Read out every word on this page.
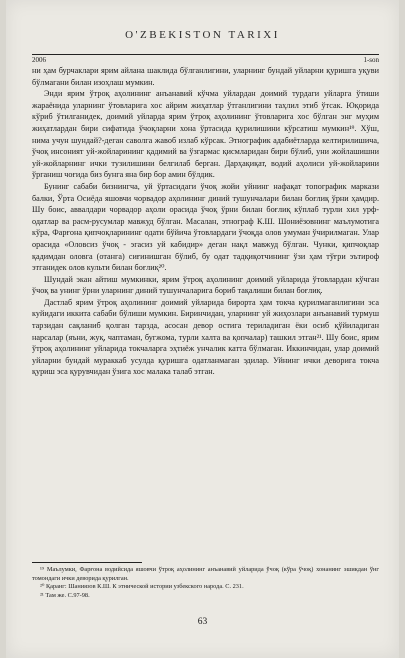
O'ZBEKISTON TARIXI
2006	1-son

ни ҳам бурчаклари ярим айлана шаклида бўлганлигини, уларнинг бундай уйларни қуришга уқуви бўлмагани билан изоҳлаш мумкин.

Энди ярим ўтроқ аҳолининг анъанавий кўчма уйлардан доимий турдаги уйларга ўтиши жараёнида уларнинг ўтовларига хос айрим жиҳатлар ўтганлигини таҳлил этиб ўтсак. Юқорида кўриб ўтилганидек, доимий уйларда ярим ўтроқ аҳолининг ўтовларига хос бўлган энг муҳим жиҳатлардан бири сифатида ўчоқларни хона ўртасида қурилишини кўрсатиш мумкин¹⁹. Хўш, нима учун шундай?-деган саволга жавоб излаб кўрсак. Этнографик адабиётларда келтирилишича, ўчоқ инсоният уй-жойларининг қадимий ва ўзгармас қисмларидан бири бўлиб, уни жойлашишни уй-жойларнинг ички тузилишини белгилаб берган. Дарҳақиқат, водий аҳолиси уй-жойларини ўрганиш чоғида биз бунга яна бир бор амин бўлдик.

Бунинг сабаби бизнингча, уй ўртасидаги ўчоқ жойи уйнинг нафақат топографик маркази балки, Ўрта Осиёда яшовчи чорвадор аҳолининг диний тушунчалари билан боғлиқ ўрни ҳамдир. Шу боис, аввалдари чорвадор аҳоли орасида ўчоқ ўрни билан боғлиқ кўплаб турли хил урф-одатлар ва расм-русумлар мавжуд бўлган. Масалан, этнограф К.Ш. Шониёзовнинг маълумотига кўра, Фарғона қипчоқларининг одати бўйича ўтовлардаги ўчоқда олов умуман ўчирилмаган. Улар орасида «Оловсиз ўчоқ - эгасиз уй кабидир» деган нақл мавжуд бўлган. Чунки, қипчоқлар қадимдан оловга (отанга) сиғинишган бўлиб, бу одат тадқиқотчининг ўзи ҳам тўғри эътироф этганидек олов культи билан боғлиқ²⁰.

Шундай экан айтиш мумкинки, ярим ўтроқ аҳолининг доимий уйларида ўтовлардан кўчган ўчоқ ва унинг ўрни уларнинг диний тушунчаларига бориб тақалиши билан боғлиқ.

Дастлаб ярим ўтроқ аҳолининг доимий уйларида бирорта ҳам токча қурилмаганлигини эса куйидаги иккита сабаби бўлиши мумкин. Биринчидан, уларнинг уй жиҳозлари анъанавий турмуш тарзидан сақланиб қолган тарзда, асосан девор остига териладиган ёки осиб қўйиладиган нарсалар (яъни, жуқ, чаптаман, бугжома, турли халта ва қопчалар) ташкил этган²¹. Шу боис, ярим ўтроқ аҳолининг уйларида токчаларга эҳтиёж унчалик катта бўлмаган. Иккинчидан, улар доимий уйларни бундай мураккаб усулда қуришга одатланмаган эдилар. Уйнинг ички деворига токча қуриш эса қурувчидан ўзига хос малака талаб этган.

¹⁹ Маълумки, Фарғона водийсида яшовчи ўтроқ аҳолининг анъанавий уйларида ўчоқ (кўра ўчоқ) хонанинг эшикдан ўнг томондаги ички деворида қурилган.
²⁰ Қаранг: Шаниязов К.Ш. К этнической истории узбекского народа. С. 231.
²¹ Там же. С.97-98.
63
